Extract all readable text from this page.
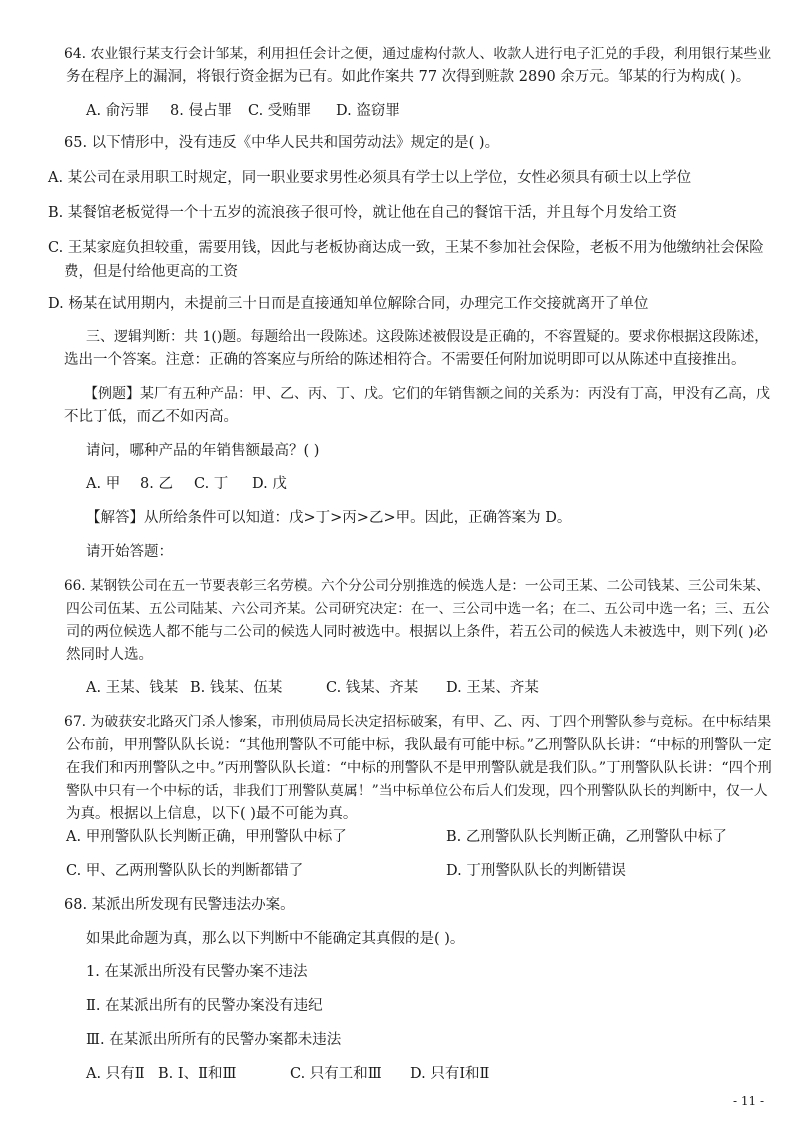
64. 农业银行某支行会计邹某，利用担任会计之便，通过虚构付款人、收款人进行电子汇兑的手段，利用银行某些业
务在程序上的漏洞，将银行资金据为已有。如此作案共 77 次得到赃款 2890 余万元。邹某的行为构成( )。
A. 俞污罪 8. 侵占罪 C. 受贿罪 D. 盗窃罪
65. 以下情形中，没有违反《中华人民共和国劳动法》规定的是( )。
A. 某公司在录用职工时规定，同一职业要求男性必须具有学士以上学位，女性必须具有硕士以上学位
B. 某餐馆老板觉得一个十五岁的流浪孩子很可怜，就让他在自己的餐馆干活，并且每个月发给工资
C. 王某家庭负担较重，需要用钱，因此与老板协商达成一致，王某不参加社会保险，老板不用为他缴纳社会保险
费，但是付给他更高的工资
D. 杨某在试用期内，未提前三十日而是直接通知单位解除合同，办理完工作交接就离开了单位
三、逻辑判断：共 1()题。每题给出一段陈述。这段陈述被假设是正确的，不容置疑的。要求你根据这段陈述，
选出一个答案。注意：正确的答案应与所给的陈述相符合。不需要任何附加说明即可以从陈述中直接推出。
【例题】某厂有五种产品：甲、乙、丙、丁、戊。它们的年销售额之间的关系为：丙没有丁高，甲没有乙高，戊
不比丁低，而乙不如丙高。
请问，哪种产品的年销售额最高？( )
A. 甲 8. 乙 C. 丁 D. 戊
【解答】从所给条件可以知道：戊>丁>丙>乙>甲。因此，正确答案为 D。
请开始答题：
66. 某钢铁公司在五一节要表彰三名劳模。六个分公司分别推选的候选人是：一公司王某、二公司钱某、三公司朱某、
四公司伍某、五公司陆某、六公司齐某。公司研究决定：在一、三公司中选一名；在二、五公司中选一名；三、五公
司的两位候选人都不能与二公司的候选人同时被选中。根据以上条件，若五公司的候选人未被选中，则下列( )必
然同时人选。
A. 王某、钱某 B. 钱某、伍某	C. 钱某、齐某 D. 王某、齐某
67. 为破获安北路灭门杀人惨案，市刑侦局局长决定招标破案，有甲、乙、丙、丁四个刑警队参与竞标。在中标结果
公布前，甲刑警队队长说：“其他刑警队不可能中标，我队最有可能中标。”乙刑警队队长讲：“中标的刑警队一定
在我们和丙刑警队之中。”丙刑警队队长道：“中标的刑警队不是甲刑警队就是我们队。”丁刑警队队长讲：“四个刑
警队中只有一个中标的话，非我们丁刑警队莫属！”当中标单位公布后人们发现，四个刑警队队长的判断中，仅一人
为真。根据以上信息，以下( )最不可能为真。
A. 甲刑警队队长判断正确，甲刑警队中标了	B. 乙刑警队队长判断正确，乙刑警队中标了
C. 甲、乙两刑警队队长的判断都错了	D. 丁刑警队队长的判断错误
68. 某派出所发现有民警违法办案。
如果此命题为真，那么以下判断中不能确定其真假的是( )。
1. 在某派出所没有民警办案不违法
Ⅱ. 在某派出所有的民警办案没有违纪
Ⅲ. 在某派出所所有的民警办案都未违法
A. 只有Ⅱ B. Ⅰ、Ⅱ和Ⅲ	C. 只有工和Ⅲ D. 只有Ⅰ和Ⅱ
- 11 -
